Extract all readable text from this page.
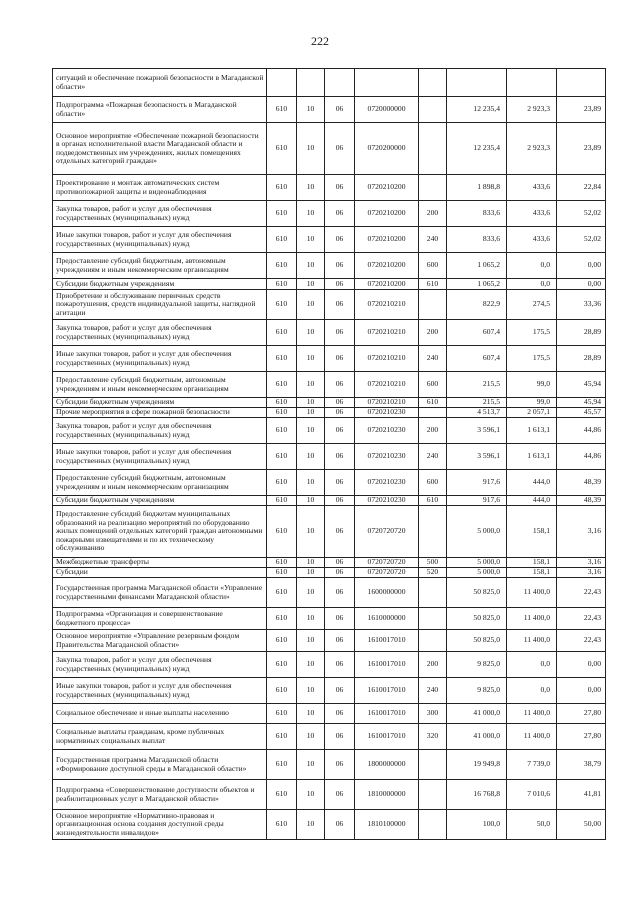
222
ситуаций и обеспечение пожарной безопасности в Магаданской области»								
Подпрограмма «Пожарная безопасность в Магаданской области»	610	10	06	0720000000		12 235,4	2 923,3	23,89
Основное мероприятие «Обеспечение пожарной безопасности в органах исполнительной власти Магаданской области и подведомственных им учреждениях, жилых помещениях отдельных категорий граждан»	610	10	06	0720200000		12 235,4	2 923,3	23,89
Проектирование и монтаж автоматических систем противопожарной защиты и видеонаблюдения	610	10	06	0720210200		1 898,8	433,6	22,84
Закупка товаров, работ и услуг для обеспечения государственных (муниципальных) нужд	610	10	06	0720210200	200	833,6	433,6	52,02
Иные закупки товаров, работ и услуг для обеспечения государственных (муниципальных) нужд	610	10	06	0720210200	240	833,6	433,6	52,02
Предоставление субсидий бюджетным, автономным учреждениям и иным некоммерческим организациям	610	10	06	0720210200	600	1 065,2	0,0	0,00
Субсидии бюджетным учреждениям	610	10	06	0720210200	610	1 065,2	0,0	0,00
Приобретение и обслуживание первичных средств пожаротушения, средств индивидуальной защиты, наглядной агитации	610	10	06	0720210210		822,9	274,5	33,36
Закупка товаров, работ и услуг для обеспечения государственных (муниципальных) нужд	610	10	06	0720210210	200	607,4	175,5	28,89
Иные закупки товаров, работ и услуг для обеспечения государственных (муниципальных) нужд	610	10	06	0720210210	240	607,4	175,5	28,89
Предоставление субсидий бюджетным, автономным учреждениям и иным некоммерческим организациям	610	10	06	0720210210	600	215,5	99,0	45,94
Субсидии бюджетным учреждениям	610	10	06	0720210210	610	215,5	99,0	45,94
Прочие мероприятия в сфере пожарной безопасности	610	10	06	0720210230		4 513,7	2 057,1	45,57
Закупка товаров, работ и услуг для обеспечения государственных (муниципальных) нужд	610	10	06	0720210230	200	3 596,1	1 613,1	44,86
Иные закупки товаров, работ и услуг для обеспечения государственных (муниципальных) нужд	610	10	06	0720210230	240	3 596,1	1 613,1	44,86
Предоставление субсидий бюджетным, автономным учреждениям и иным некоммерческим организациям	610	10	06	0720210230	600	917,6	444,0	48,39
Субсидии бюджетным учреждениям	610	10	06	0720210230	610	917,6	444,0	48,39
Предоставление субсидий бюджетам муниципальных образований на реализацию мероприятий по оборудованию жилых помещений отдельных категорий граждан автономными пожарными извещателями и по их техническому обслуживанию	610	10	06	0720720720		5 000,0	158,1	3,16
Межбюджетные трансферты	610	10	06	0720720720	500	5 000,0	158,1	3,16
Субсидии	610	10	06	0720720720	520	5 000,0	158,1	3,16
Государственная программа Магаданской области «Управление государственными финансами Магаданской области»	610	10	06	1600000000		50 825,0	11 400,0	22,43
Подпрограмма «Организация и совершенствование бюджетного процесса»	610	10	06	1610000000		50 825,0	11 400,0	22,43
Основное мероприятие «Управление резервным фондом Правительства Магаданской области»	610	10	06	1610017010		50 825,0	11 400,0	22,43
Закупка товаров, работ и услуг для обеспечения государственных (муниципальных) нужд	610	10	06	1610017010	200	9 825,0	0,0	0,00
Иные закупки товаров, работ и услуг для обеспечения государственных (муниципальных) нужд	610	10	06	1610017010	240	9 825,0	0,0	0,00
Социальное обеспечение и иные выплаты населению	610	10	06	1610017010	300	41 000,0	11 400,0	27,80
Социальные выплаты гражданам, кроме публичных нормативных социальных выплат	610	10	06	1610017010	320	41 000,0	11 400,0	27,80
Государственная программа Магаданской области «Формирование доступной среды в Магаданской области»	610	10	06	1800000000		19 949,8	7 739,0	38,79
Подпрограмма «Совершенствование доступности объектов и реабилитационных услуг в Магаданской области»	610	10	06	1810000000		16 768,8	7 010,6	41,81
Основное мероприятие «Нормативно-правовая и организационная основа создания доступной среды жизнедеятельности инвалидов»	610	10	06	1810100000		100,0	50,0	50,00
